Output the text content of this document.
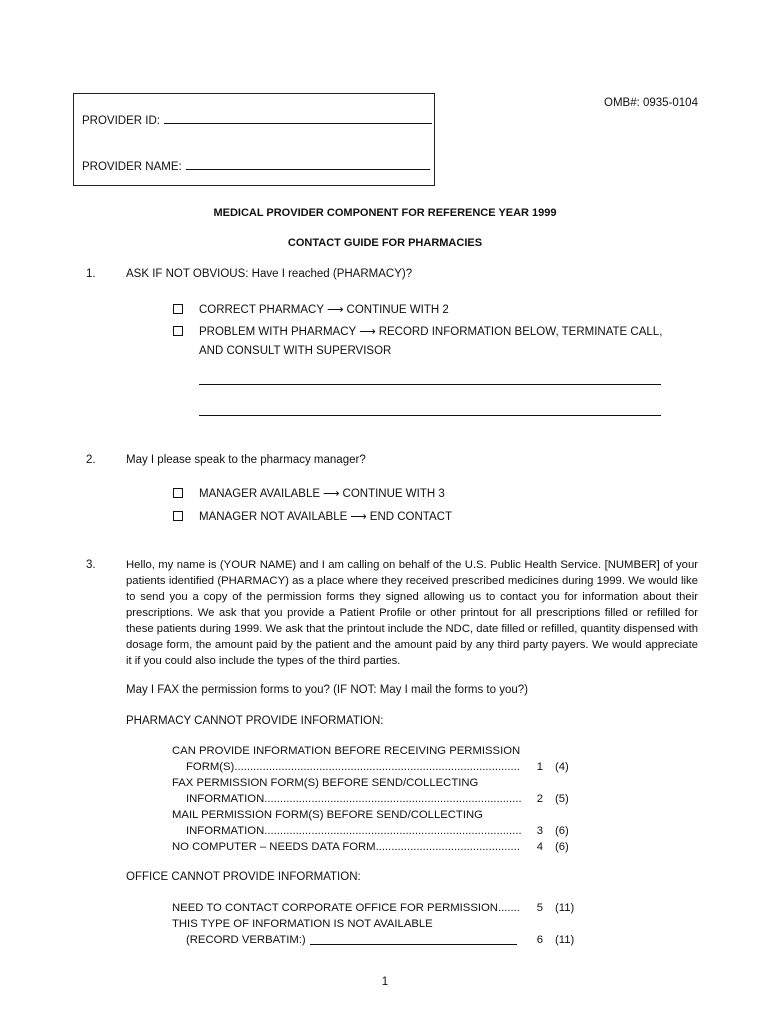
PROVIDER ID:
PROVIDER NAME:
OMB#: 0935-0104
MEDICAL PROVIDER COMPONENT FOR REFERENCE YEAR 1999
CONTACT GUIDE FOR PHARMACIES
1.	ASK IF NOT OBVIOUS: Have I reached (PHARMACY)?
CORRECT PHARMACY ⟶ CONTINUE WITH 2
PROBLEM WITH PHARMACY ⟶ RECORD INFORMATION BELOW, TERMINATE CALL,
AND CONSULT WITH SUPERVISOR
2.	May I please speak to the pharmacy manager?
MANAGER AVAILABLE ⟶ CONTINUE WITH 3
MANAGER NOT AVAILABLE ⟶ END CONTACT
3.	Hello, my name is (YOUR NAME) and I am calling on behalf of the U.S. Public Health Service. [NUMBER] of your patients identified (PHARMACY) as a place where they received prescribed medicines during 1999. We would like to send you a copy of the permission forms they signed allowing us to contact you for information about their prescriptions. We ask that you provide a Patient Profile or other printout for all prescriptions filled or refilled for these patients during 1999. We ask that the printout include the NDC, date filled or refilled, quantity dispensed with dosage form, the amount paid by the patient and the amount paid by any third party payers. We would appreciate it if you could also include the types of the third parties.
May I FAX the permission forms to you? (IF NOT: May I mail the forms to you?)
PHARMACY CANNOT PROVIDE INFORMATION:
CAN PROVIDE INFORMATION BEFORE RECEIVING PERMISSION
FORM(S) .....	1	(4)
FAX PERMISSION FORM(S) BEFORE SEND/COLLECTING
INFORMATION .....	2	(5)
MAIL PERMISSION FORM(S) BEFORE SEND/COLLECTING
INFORMATION .....	3	(6)
NO COMPUTER – NEEDS DATA FORM .....	4	(6)
OFFICE CANNOT PROVIDE INFORMATION:
NEED TO CONTACT CORPORATE OFFICE FOR PERMISSION .....	5	(11)
THIS TYPE OF INFORMATION IS NOT AVAILABLE
(RECORD VERBATIM:)	6	(11)
1
